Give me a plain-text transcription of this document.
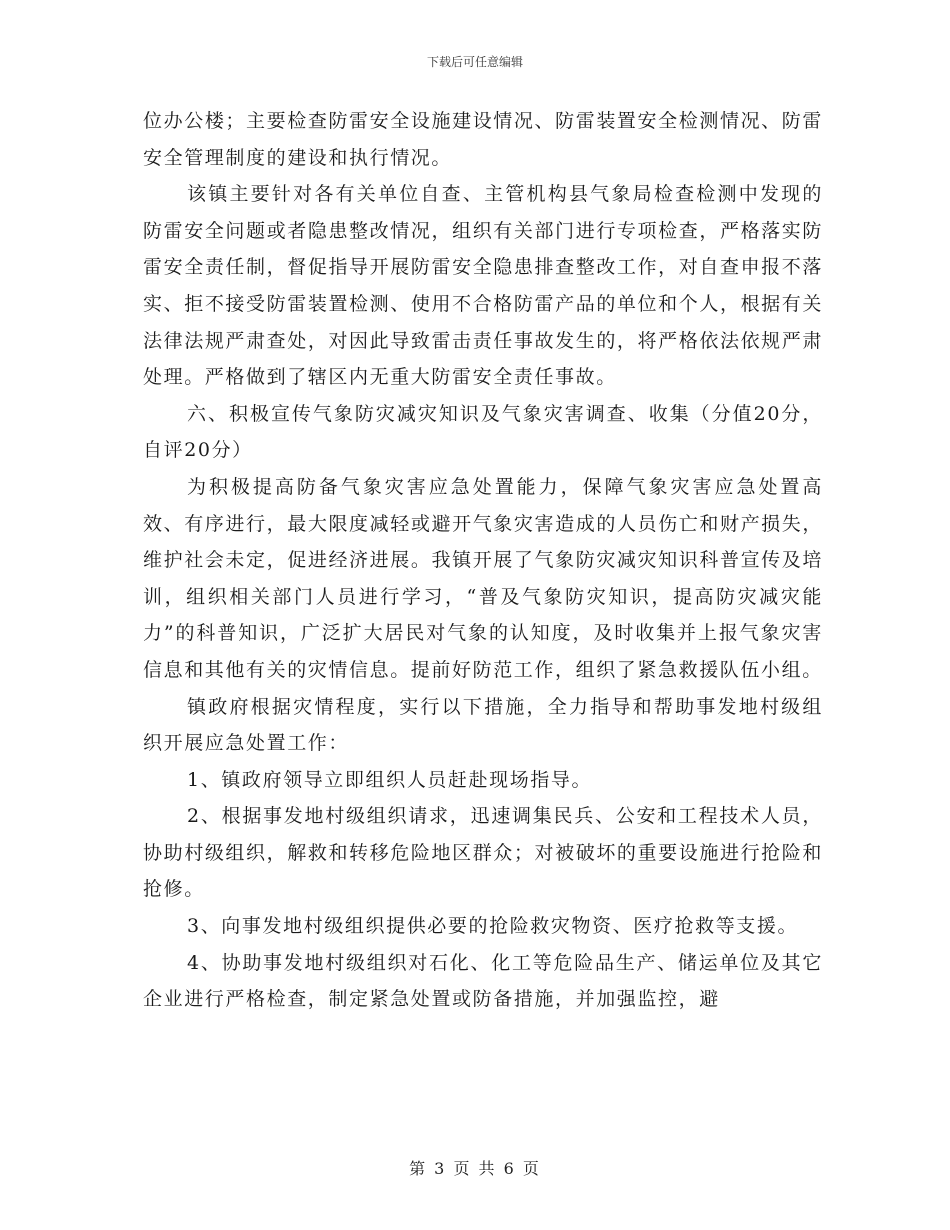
下载后可任意编辑

位办公楼；主要检查防雷安全设施建设情况、防雷装置安全检测情况、防雷安全管理制度的建设和执行情况。

该镇主要针对各有关单位自查、主管机构县气象局检查检测中发现的防雷安全问题或者隐患整改情况，组织有关部门进行专项检查，严格落实防雷安全责任制，督促指导开展防雷安全隐患排查整改工作，对自查申报不落实、拒不接受防雷装置检测、使用不合格防雷产品的单位和个人，根据有关法律法规严肃查处，对因此导致雷击责任事故发生的，将严格依法依规严肃处理。严格做到了辖区内无重大防雷安全责任事故。

六、积极宣传气象防灾减灾知识及气象灾害调查、收集（分值20分，自评20分）

为积极提高防备气象灾害应急处置能力，保障气象灾害应急处置高效、有序进行，最大限度减轻或避开气象灾害造成的人员伤亡和财产损失，维护社会未定，促进经济进展。我镇开展了气象防灾减灾知识科普宣传及培训，组织相关部门人员进行学习，“普及气象防灾知识，提高防灾减灾能力”的科普知识，广泛扩大居民对气象的认知度，及时收集并上报气象灾害信息和其他有关的灾情信息。提前好防范工作，组织了紧急救援队伍小组。

镇政府根据灾情程度，实行以下措施，全力指导和帮助事发地村级组织开展应急处置工作：

1、镇政府领导立即组织人员赶赴现场指导。

2、根据事发地村级组织请求，迅速调集民兵、公安和工程技术人员，协助村级组织，解救和转移危险地区群众；对被破坏的重要设施进行抢险和抢修。

3、向事发地村级组织提供必要的抢险救灾物资、医疗抢救等支援。

4、协助事发地村级组织对石化、化工等危险品生产、储运单位及其它企业进行严格检查，制定紧急处置或防备措施，并加强监控，避

第 3 页 共 6 页
